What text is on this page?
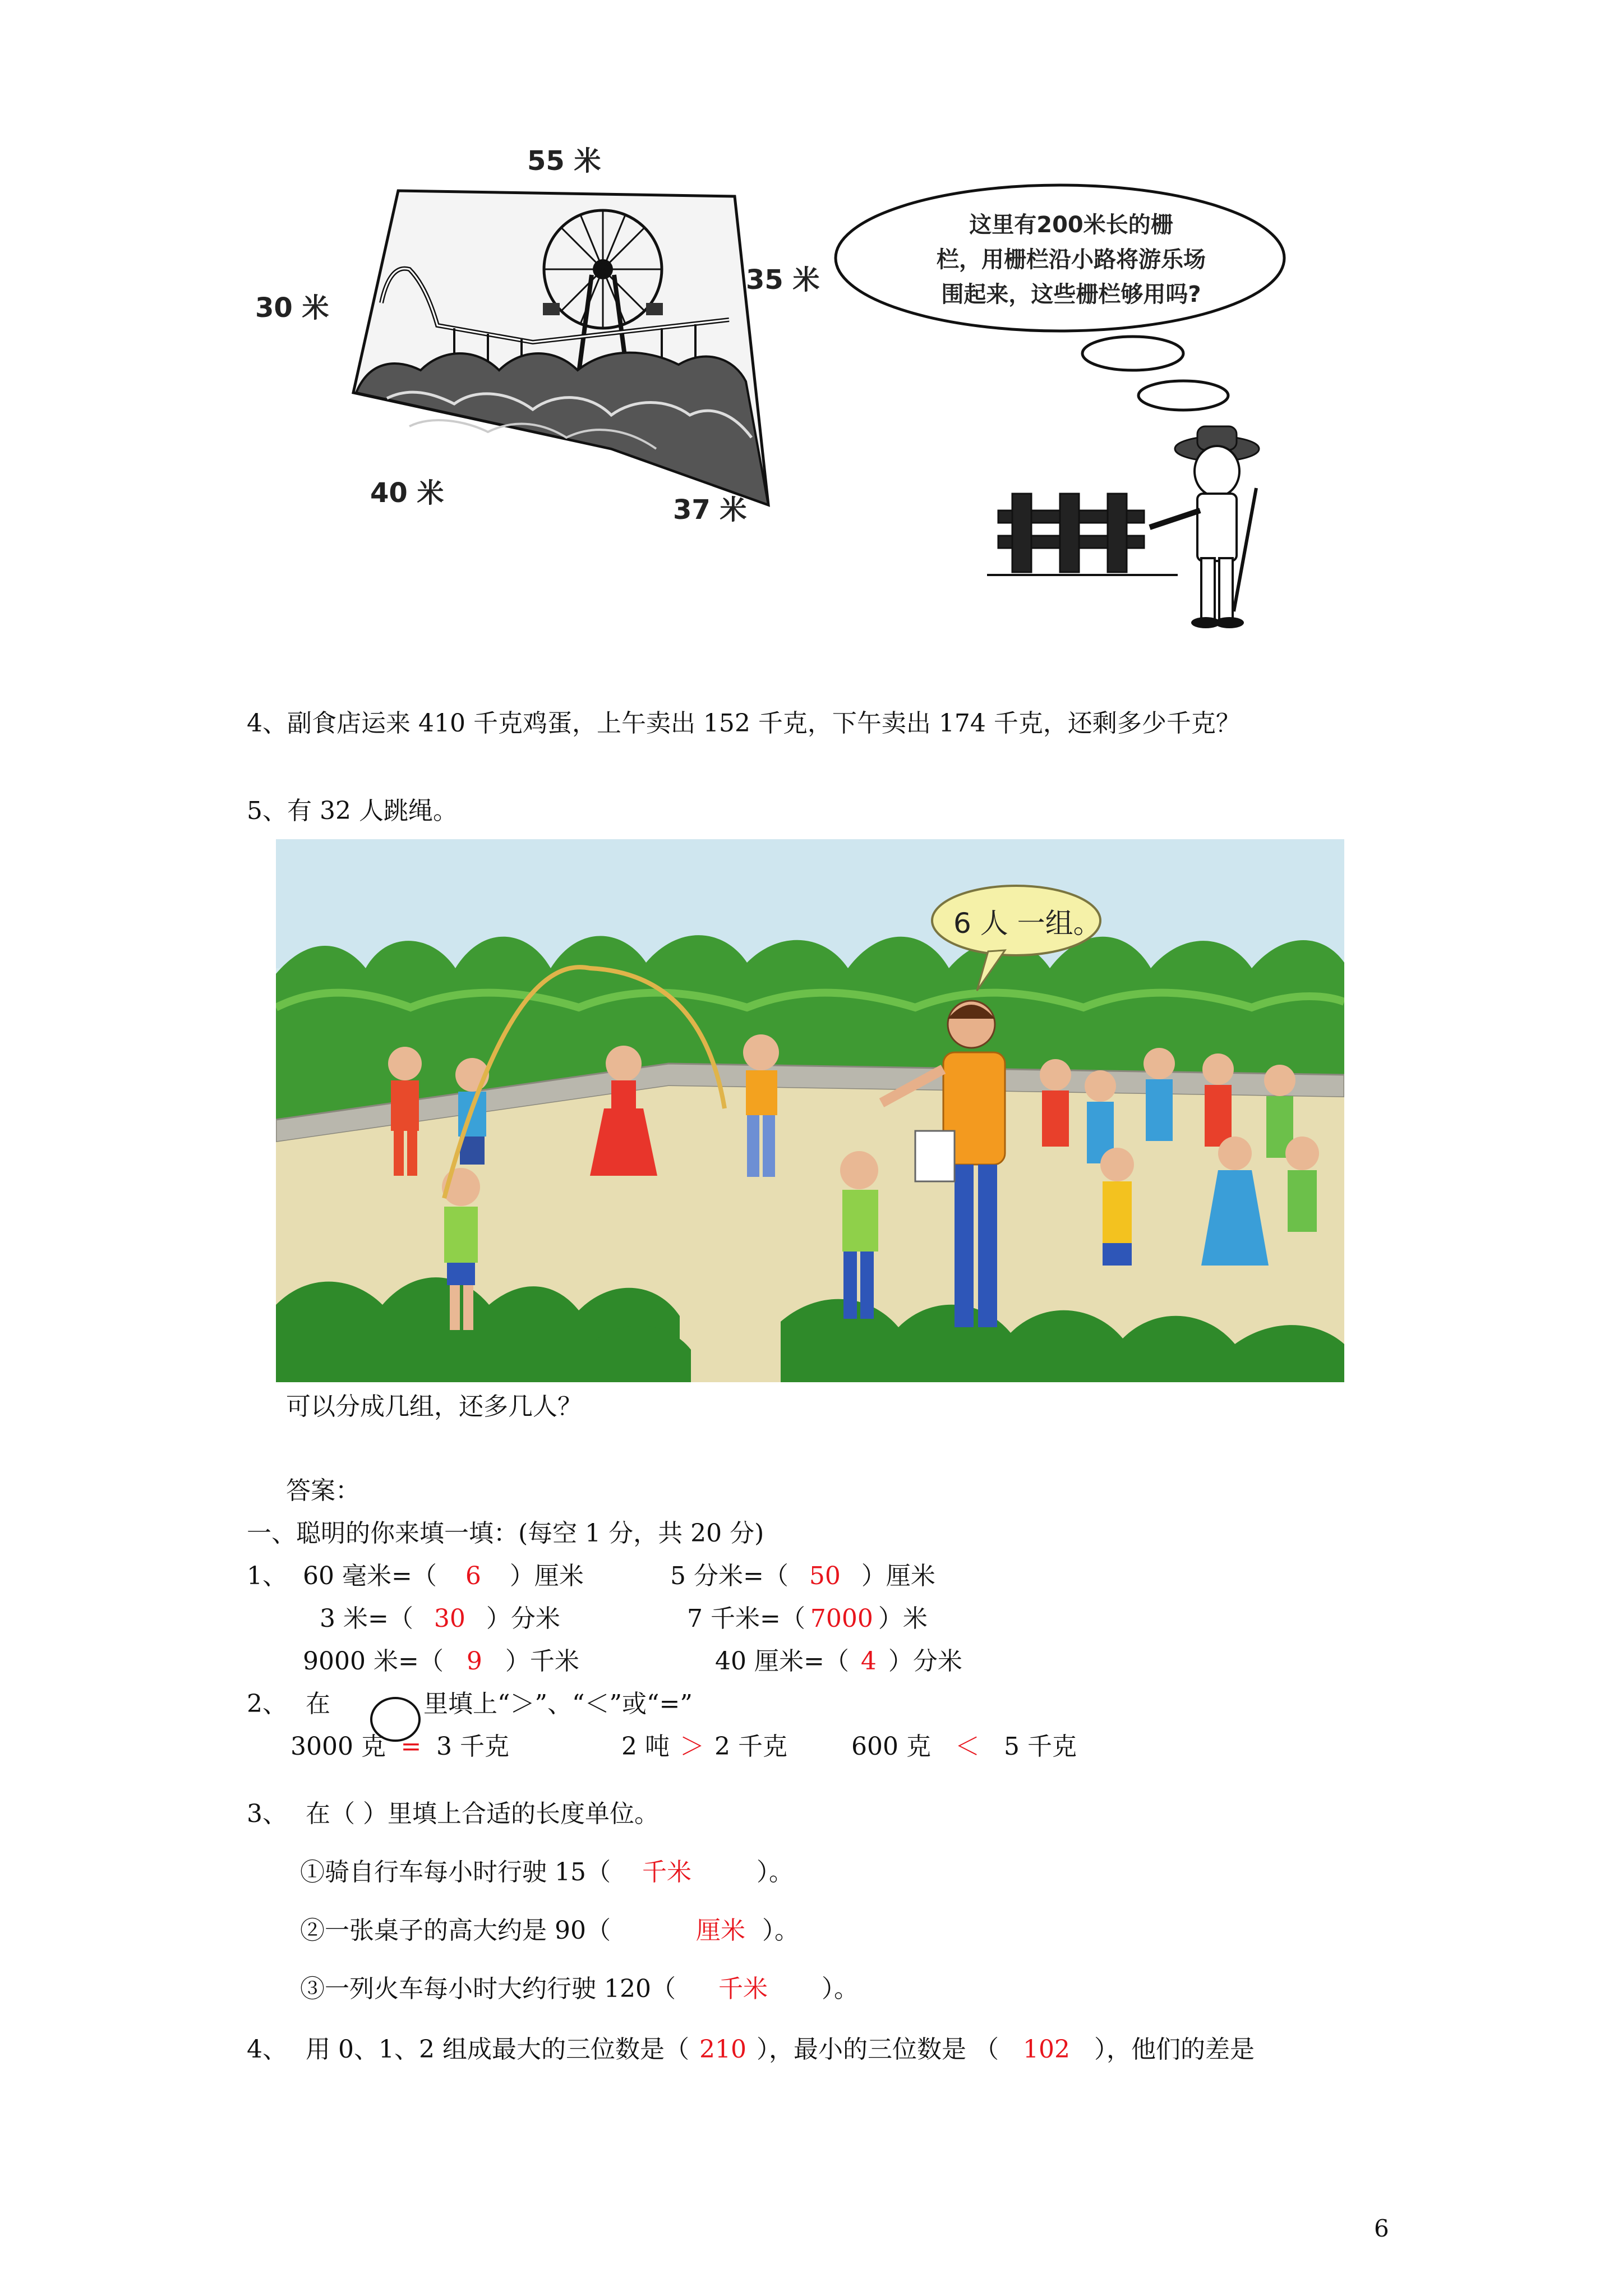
55 米
30 米
35 米
40 米
37 米
这里有200米长的栅
栏，用栅栏沿小路将游乐场
围起来，这些栅栏够用吗?
4、副食店运来 410 千克鸡蛋，上午卖出 152 千克，下午卖出 174 千克，还剩多少千克？
5、有 32 人跳绳。
6 人 一组。
可以分成几组，还多几人？
答案：
一、聪明的你来填一填：(每空 1 分，共 20 分)
1、 60 毫米=（ 6 ）厘米	5 分米=（ 50 ）厘米
3 米=（ 30 ）分米	7 千米=（ 7000 ）米
9000 米=（ 9 ）千米	40 厘米=（ 4 ）分米
2、 在	里填上“＞”、“＜”或“=”
3000 克 = 3 千克	2 吨 ＞ 2 千克	600 克 ＜ 5 千克
3、 在（ ）里填上合适的长度单位。
①骑自行车每小时行驶 15（ 千米	）。
②一张桌子的高大约是 90（	厘米 ）。
③一列火车每小时大约行驶 120（ 千米 ）。
4、 用 0、1、2 组成最大的三位数是（ 210 ），最小的三位数是 （ 102 ），他们的差是
6
